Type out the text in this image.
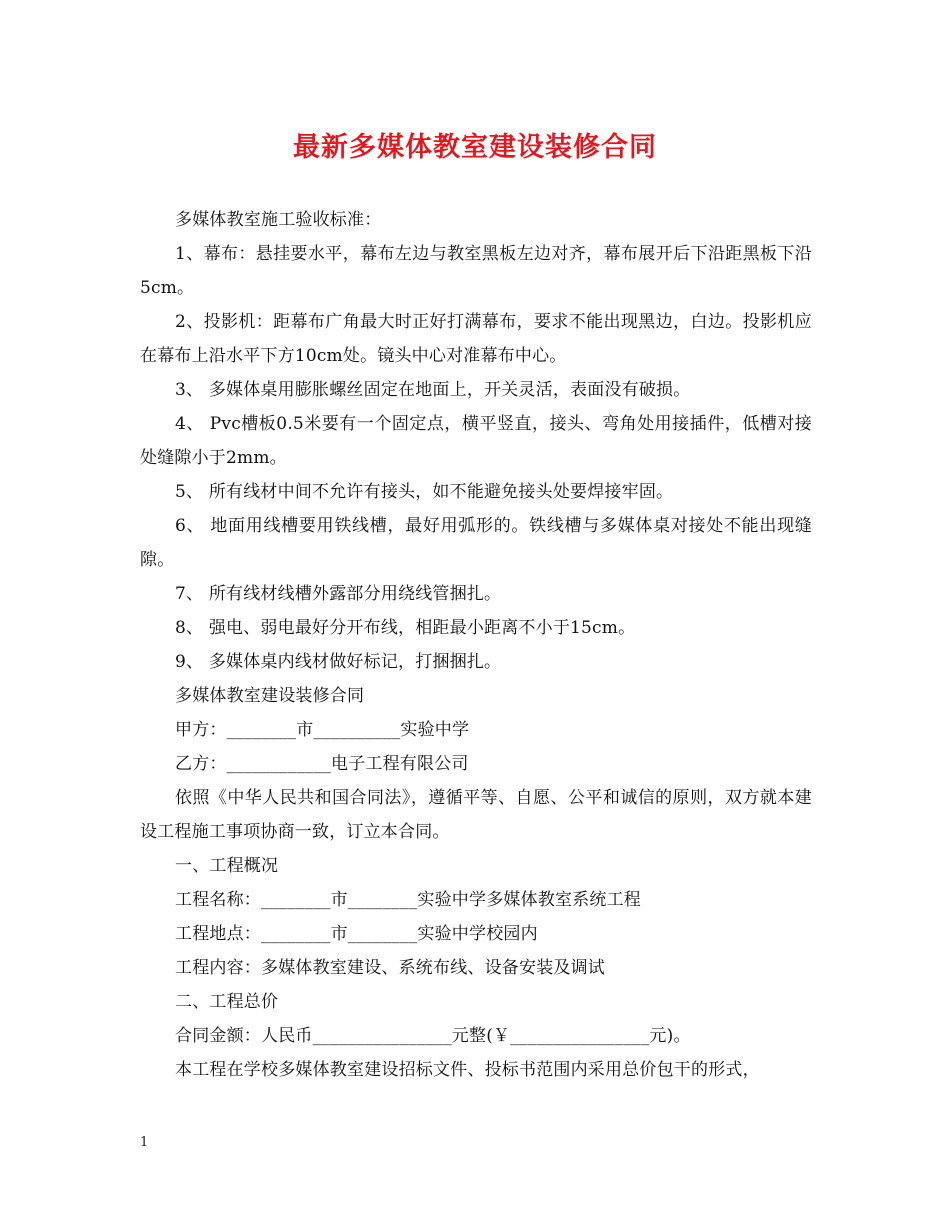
最新多媒体教室建设装修合同

多媒体教室施工验收标准：

1、幕布：悬挂要水平，幕布左边与教室黑板左边对齐，幕布展开后下沿距黑板下沿5cm。

2、投影机：距幕布广角最大时正好打满幕布，要求不能出现黑边，白边。投影机应在幕布上沿水平下方10cm处。镜头中心对准幕布中心。

3、 多媒体桌用膨胀螺丝固定在地面上，开关灵活，表面没有破损。

4、 Pvc槽板0.5米要有一个固定点，横平竖直，接头、弯角处用接插件，低槽对接处缝隙小于2mm。

5、 所有线材中间不允许有接头，如不能避免接头处要焊接牢固。

6、 地面用线槽要用铁线槽，最好用弧形的。铁线槽与多媒体桌对接处不能出现缝隙。

7、 所有线材线槽外露部分用绕线管捆扎。

8、 强电、弱电最好分开布线，相距最小距离不小于15cm。

9、 多媒体桌内线材做好标记，打捆捆扎。

多媒体教室建设装修合同

甲方：________市__________实验中学

乙方：____________电子工程有限公司

依照《中华人民共和国合同法》，遵循平等、自愿、公平和诚信的原则，双方就本建设工程施工事项协商一致，订立本合同。

一、工程概况

工程名称：________市________实验中学多媒体教室系统工程

工程地点：________市________实验中学校园内

工程内容：多媒体教室建设、系统布线、设备安装及调试

二、工程总价

合同金额：人民币________________元整(￥________________元)。

本工程在学校多媒体教室建设招标文件、投标书范围内采用总价包干的形式，

1
